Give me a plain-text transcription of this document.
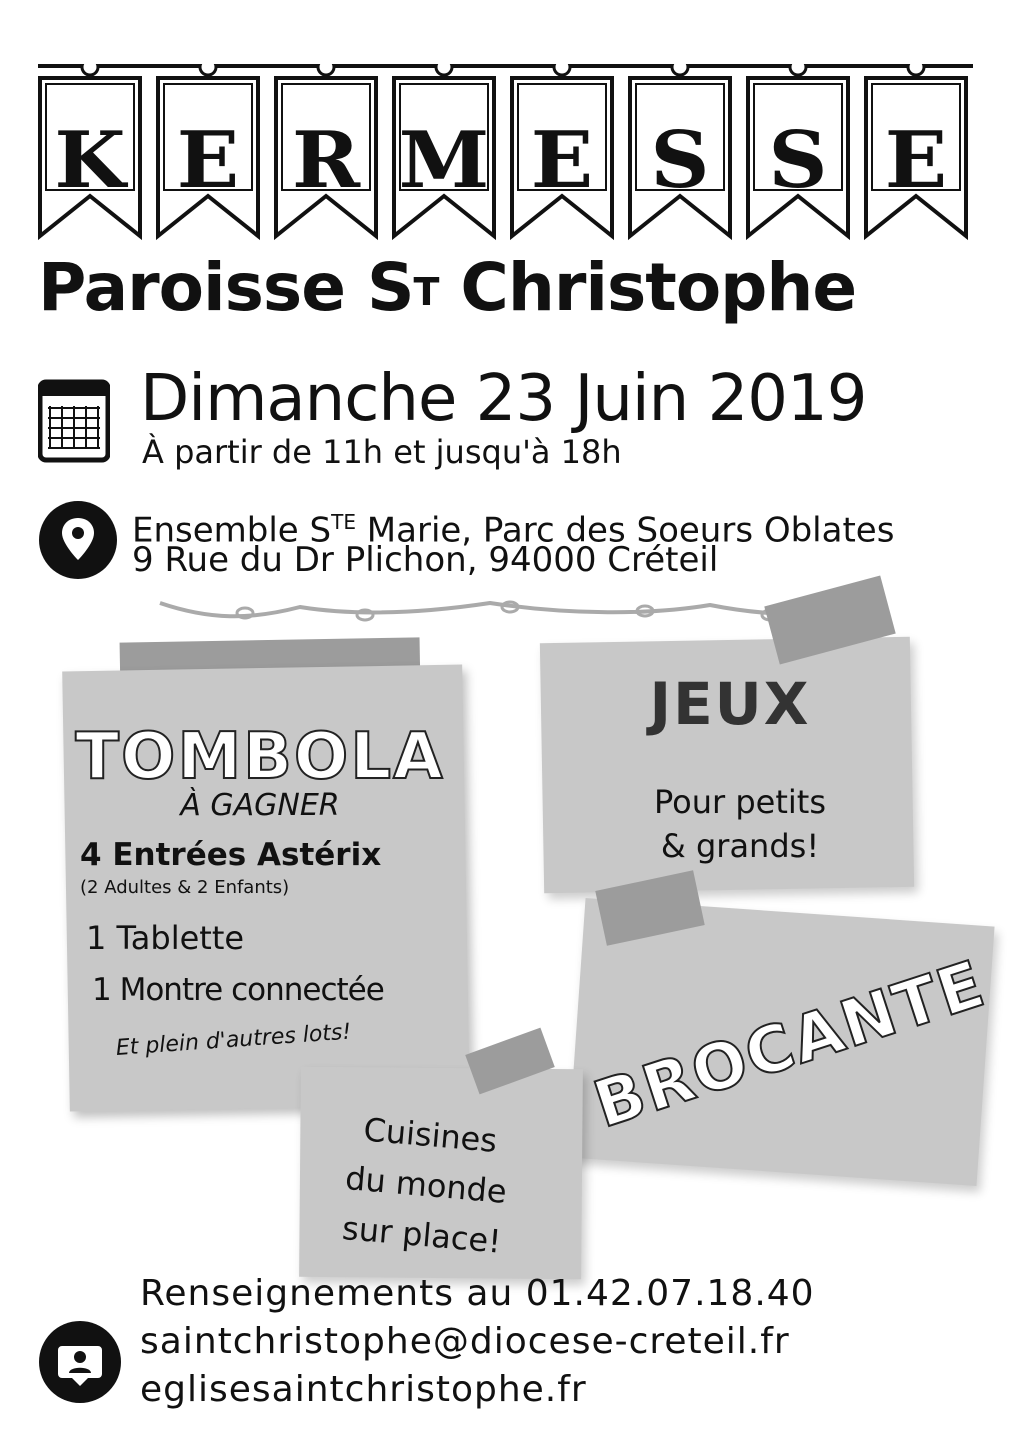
K E R M E S S E
Paroisse $S^T$ Christophe
Dimanche 23 Juin 2019
À partir de 11h et jusqu'à 18h
Ensemble $S^{TE}$ Marie, Parc des Soeurs Oblates
9 Rue du Dr Plichon, 94000 Créteil
TOMBOLA
À GAGNER
4 Entrées Astérix
(2 Adultes & 2 Enfants)
1 Tablette
1 Montre connectée
Et plein d'autres lots!
JEUX
Pour petits
& grands!
BROCANTE
Cuisines
du monde
sur place!
Renseignements au 01.42.07.18.40
saintchristophe@diocese-creteil.fr
eglisesaintchristophe.fr
